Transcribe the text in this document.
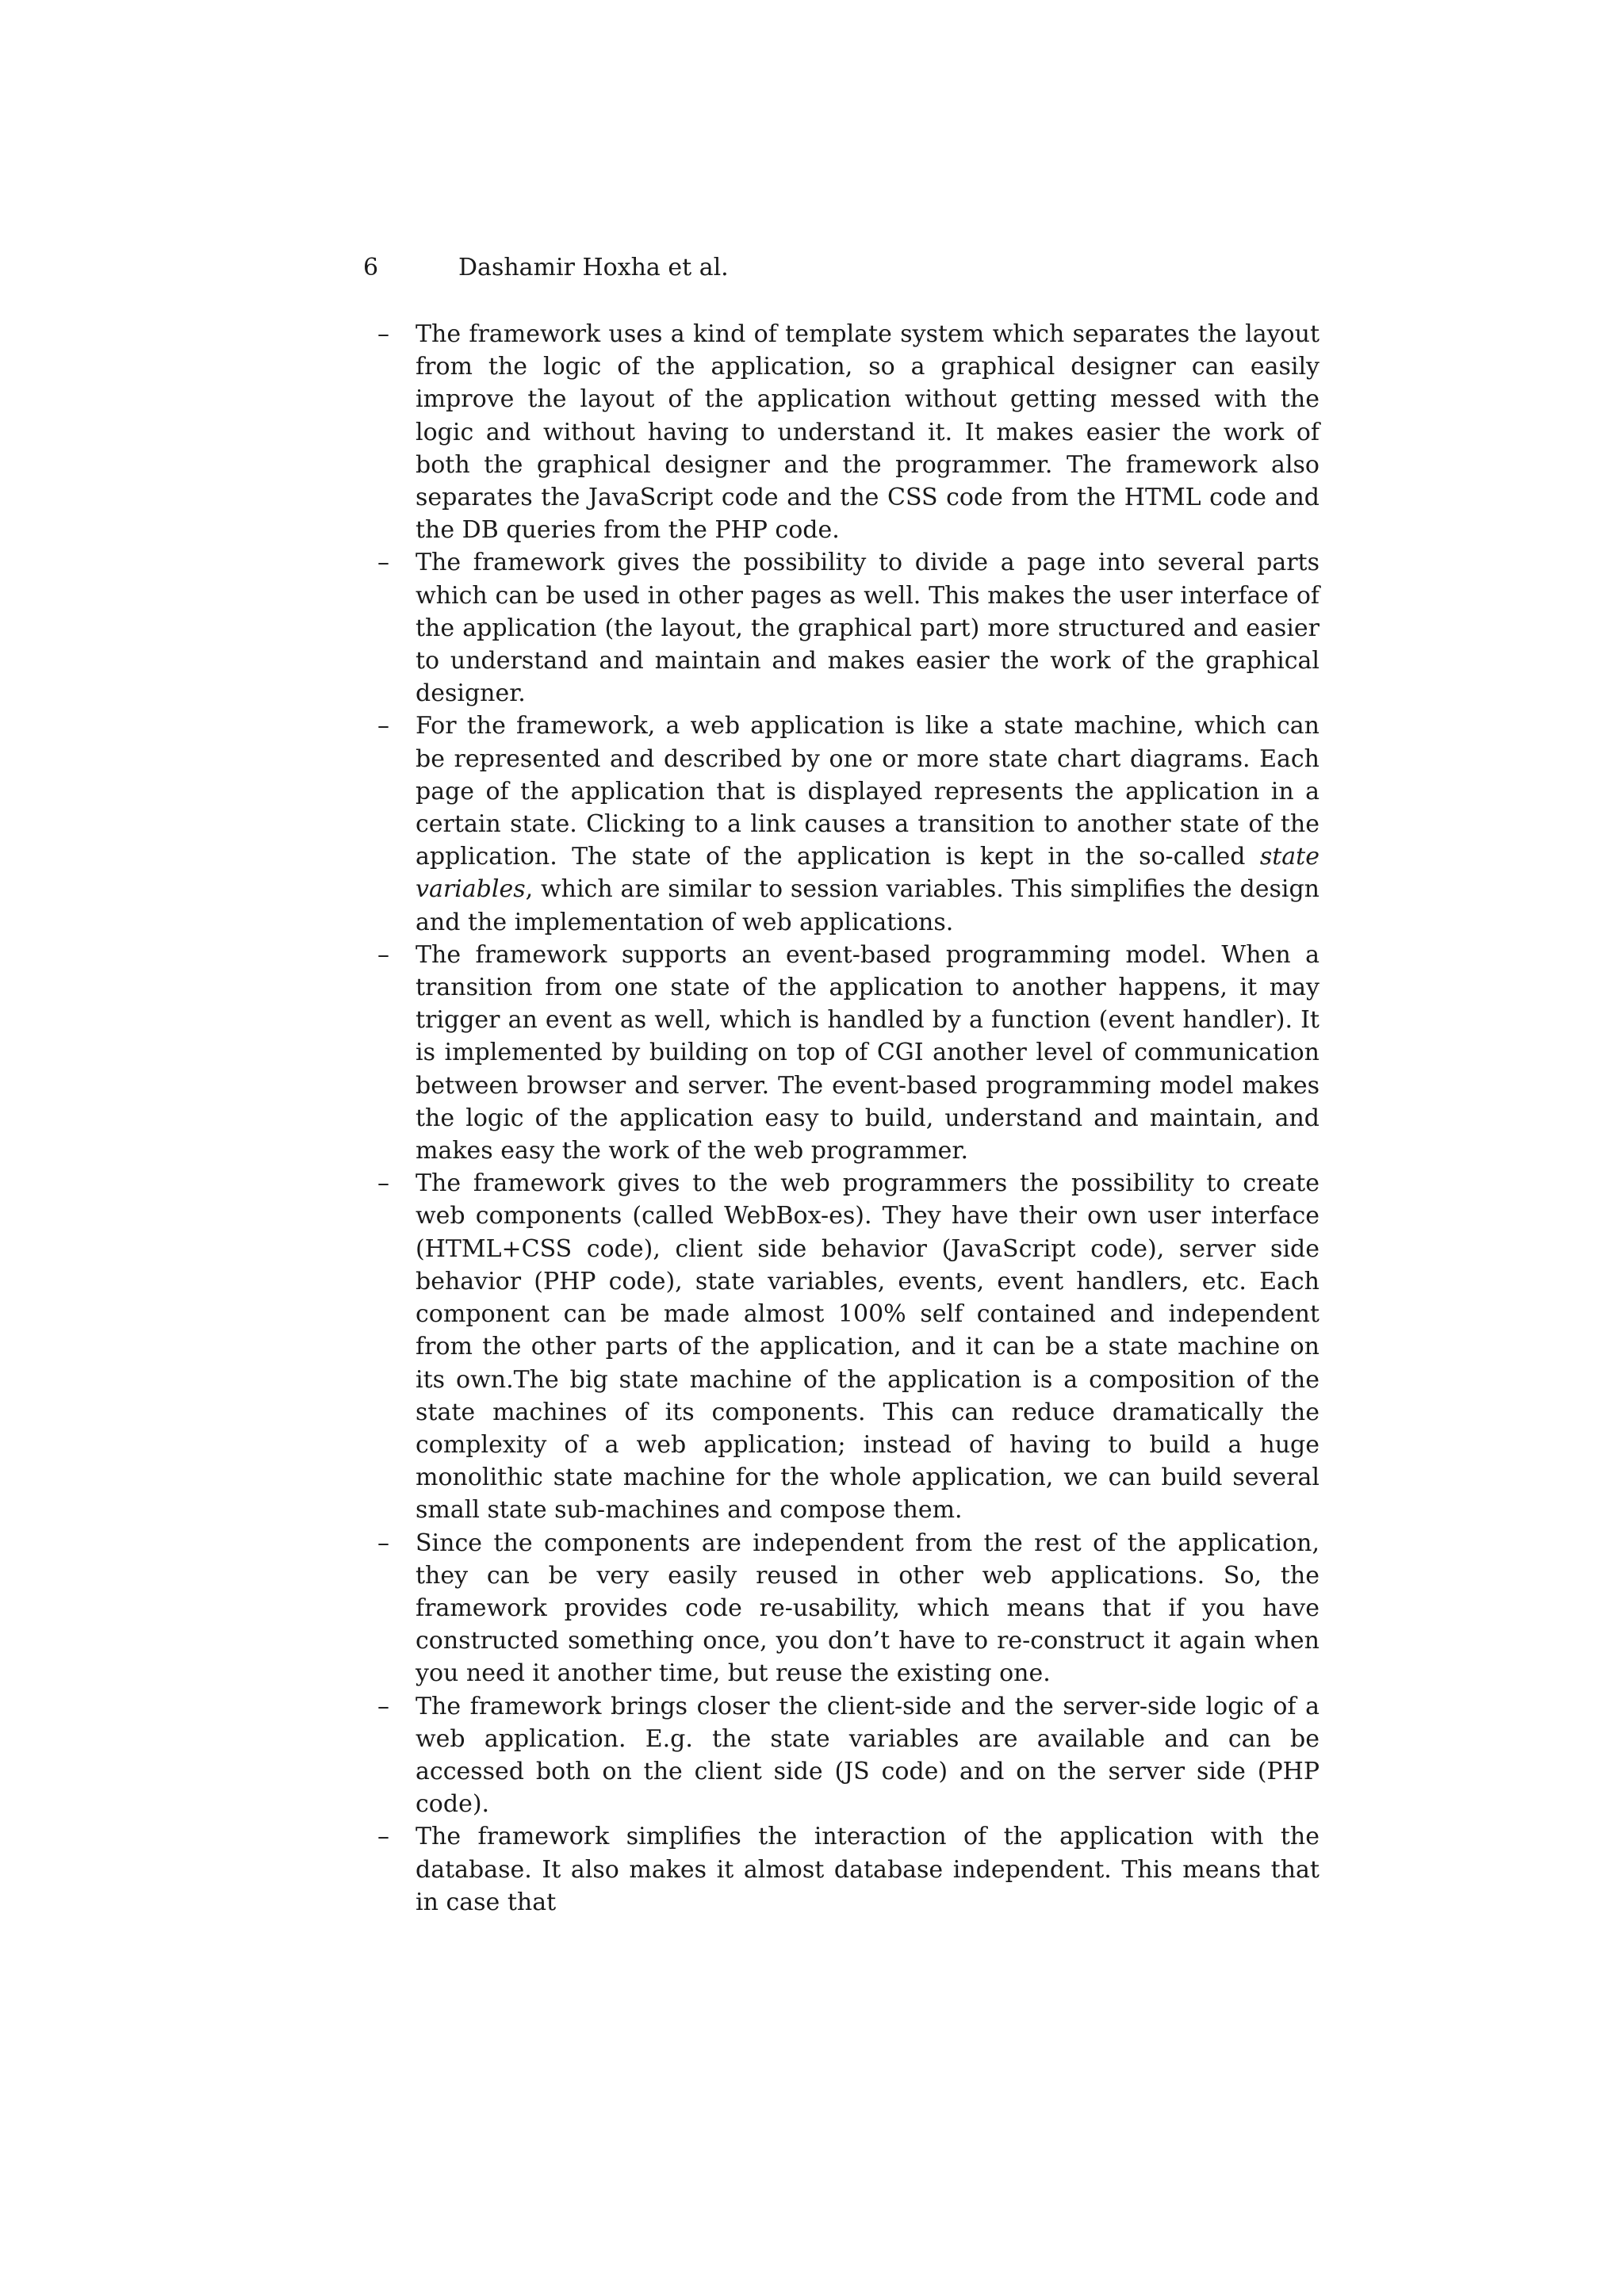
6	Dashamir Hoxha et al.
–	The framework uses a kind of template system which separates the layout from the logic of the application, so a graphical designer can easily improve the layout of the application without getting messed with the logic and without having to understand it. It makes easier the work of both the graphical designer and the programmer. The framework also separates the JavaScript code and the CSS code from the HTML code and the DB queries from the PHP code.
–	The framework gives the possibility to divide a page into several parts which can be used in other pages as well. This makes the user interface of the application (the layout, the graphical part) more structured and easier to understand and maintain and makes easier the work of the graphical designer.
–	For the framework, a web application is like a state machine, which can be represented and described by one or more state chart diagrams. Each page of the application that is displayed represents the application in a certain state. Clicking to a link causes a transition to another state of the application. The state of the application is kept in the so-called state variables, which are similar to session variables. This simplifies the design and the implementation of web applications.
–	The framework supports an event-based programming model. When a transition from one state of the application to another happens, it may trigger an event as well, which is handled by a function (event handler). It is implemented by building on top of CGI another level of communication between browser and server. The event-based programming model makes the logic of the application easy to build, understand and maintain, and makes easy the work of the web programmer.
–	The framework gives to the web programmers the possibility to create web components (called WebBox-es). They have their own user interface (HTML+CSS code), client side behavior (JavaScript code), server side behavior (PHP code), state variables, events, event handlers, etc. Each component can be made almost 100% self contained and independent from the other parts of the application, and it can be a state machine on its own.The big state machine of the application is a composition of the state machines of its components. This can reduce dramatically the complexity of a web application; instead of having to build a huge monolithic state machine for the whole application, we can build several small state sub-machines and compose them.
–	Since the components are independent from the rest of the application, they can be very easily reused in other web applications. So, the framework provides code re-usability, which means that if you have constructed something once, you don’t have to re-construct it again when you need it another time, but reuse the existing one.
–	The framework brings closer the client-side and the server-side logic of a web application. E.g. the state variables are available and can be accessed both on the client side (JS code) and on the server side (PHP code).
–	The framework simplifies the interaction of the application with the database. It also makes it almost database independent. This means that in case that
